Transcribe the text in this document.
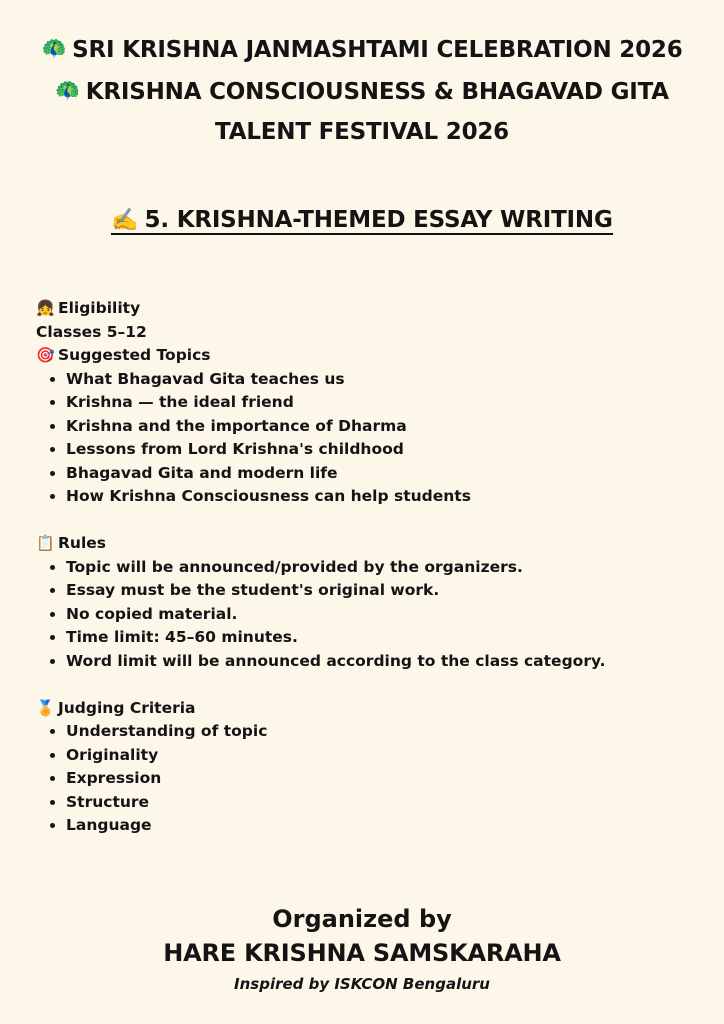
🦚 SRI KRISHNA JANMASHTAMI CELEBRATION 2026
🦚 KRISHNA CONSCIOUSNESS & BHAGAVAD GITA
TALENT FESTIVAL 2026
✍️ 5. KRISHNA-THEMED ESSAY WRITING
👧 Eligibility
Classes 5–12
🎯 Suggested Topics
• What Bhagavad Gita teaches us
• Krishna — the ideal friend
• Krishna and the importance of Dharma
• Lessons from Lord Krishna's childhood
• Bhagavad Gita and modern life
• How Krishna Consciousness can help students
📋 Rules
• Topic will be announced/provided by the organizers.
• Essay must be the student's original work.
• No copied material.
• Time limit: 45–60 minutes.
• Word limit will be announced according to the class category.
🏅 Judging Criteria
• Understanding of topic
• Originality
• Expression
• Structure
• Language
Organized by
HARE KRISHNA SAMSKARAHA
Inspired by ISKCON Bengaluru
